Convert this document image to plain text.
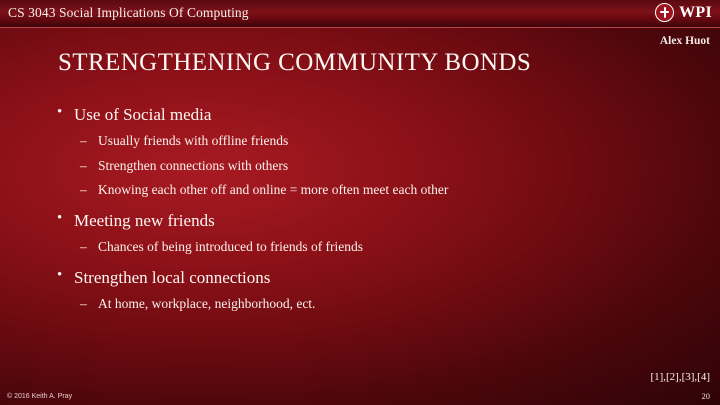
CS 3043 Social Implications Of Computing	WPI
Alex Huot
STRENGTHENING COMMUNITY BONDS
• Use of Social media
– Usually friends with offline friends
– Strengthen connections with others
– Knowing each other off and online = more often meet each other
• Meeting new friends
– Chances of being introduced to friends of friends
• Strengthen local connections
– At home, workplace, neighborhood, ect.
[1],[2],[3],[4]
© 2016 Keith A. Pray	20
